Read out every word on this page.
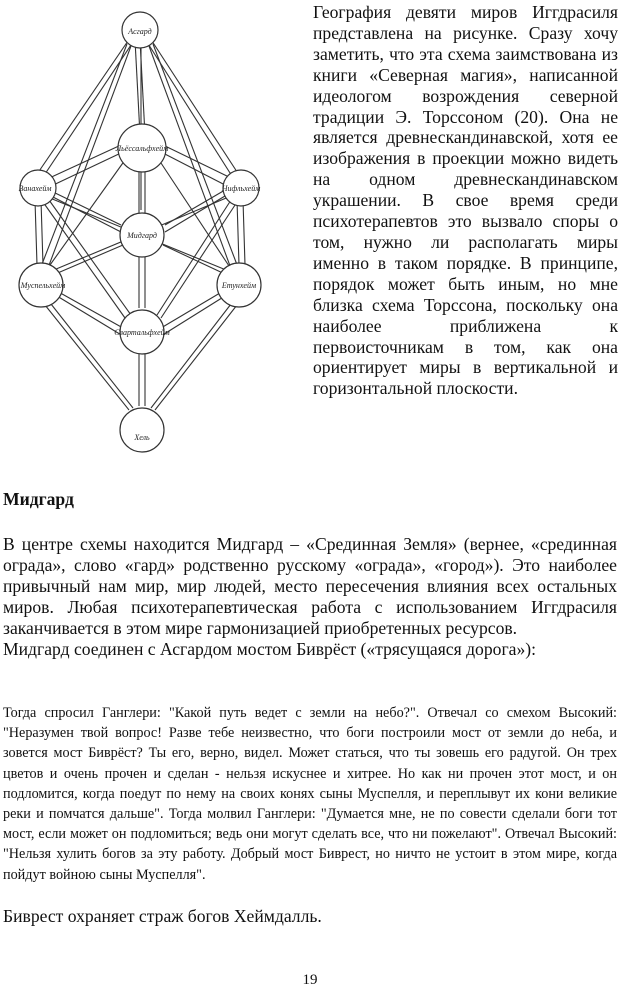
Асгард
Льёссальфхейм
Ванахейм	Нифльхейм
Мидгард
Муспельхейм	Етунхейм
Свартальфхейм
Хель

География девяти миров Иггдрасиля представлена на рисунке. Сразу хочу заметить, что эта схема заимствована из книги «Северная магия», написанной идеологом возрождения северной традиции Э. Торссоном (20). Она не является древнескандинавской, хотя ее изображения в проекции можно видеть на одном древнескандинавском украшении. В свое время среди психотерапевтов это вызвало споры о том, нужно ли располагать миры именно в таком порядке. В принципе, порядок может быть иным, но мне близка схема Торссона, поскольку она наиболее приближена к первоисточникам в том, как она ориентирует миры в вертикальной и горизонтальной плоскости.

Мидгард

В центре схемы находится Мидгард – «Срединная Земля» (вернее, «срединная ограда», слово «гард» родственно русскому «ограда», «город»). Это наиболее привычный нам мир, мир людей, место пересечения влияния всех остальных миров. Любая психотерапевтическая работа с использованием Иггдрасиля заканчивается в этом мире гармонизацией приобретенных ресурсов.

Мидгард соединен с Асгардом мостом Биврёст («трясущаяся дорога»):

Тогда спросил Ганглери: "Какой путь ведет с земли на небо?". Отвечал со смехом Высокий: "Неразумен твой вопрос! Разве тебе неизвестно, что боги построили мост от земли до неба, и зовется мост Биврёст? Ты его, верно, видел. Может статься, что ты зовешь его радугой. Он трех цветов и очень прочен и сделан - нельзя искуснее и хитрее. Но как ни прочен этот мост, и он подломится, когда поедут по нему на своих конях сыны Муспелля, и переплывут их кони великие реки и помчатся дальше". Тогда молвил Ганглери: "Думается мне, не по совести сделали боги тот мост, если может он подломиться; ведь они могут сделать все, что ни пожелают". Отвечал Высокий: "Нельзя хулить богов за эту работу. Добрый мост Биврест, но ничто не устоит в этом мире, когда пойдут войною сыны Муспелля".

Биврест охраняет страж богов Хеймдалль.

19
